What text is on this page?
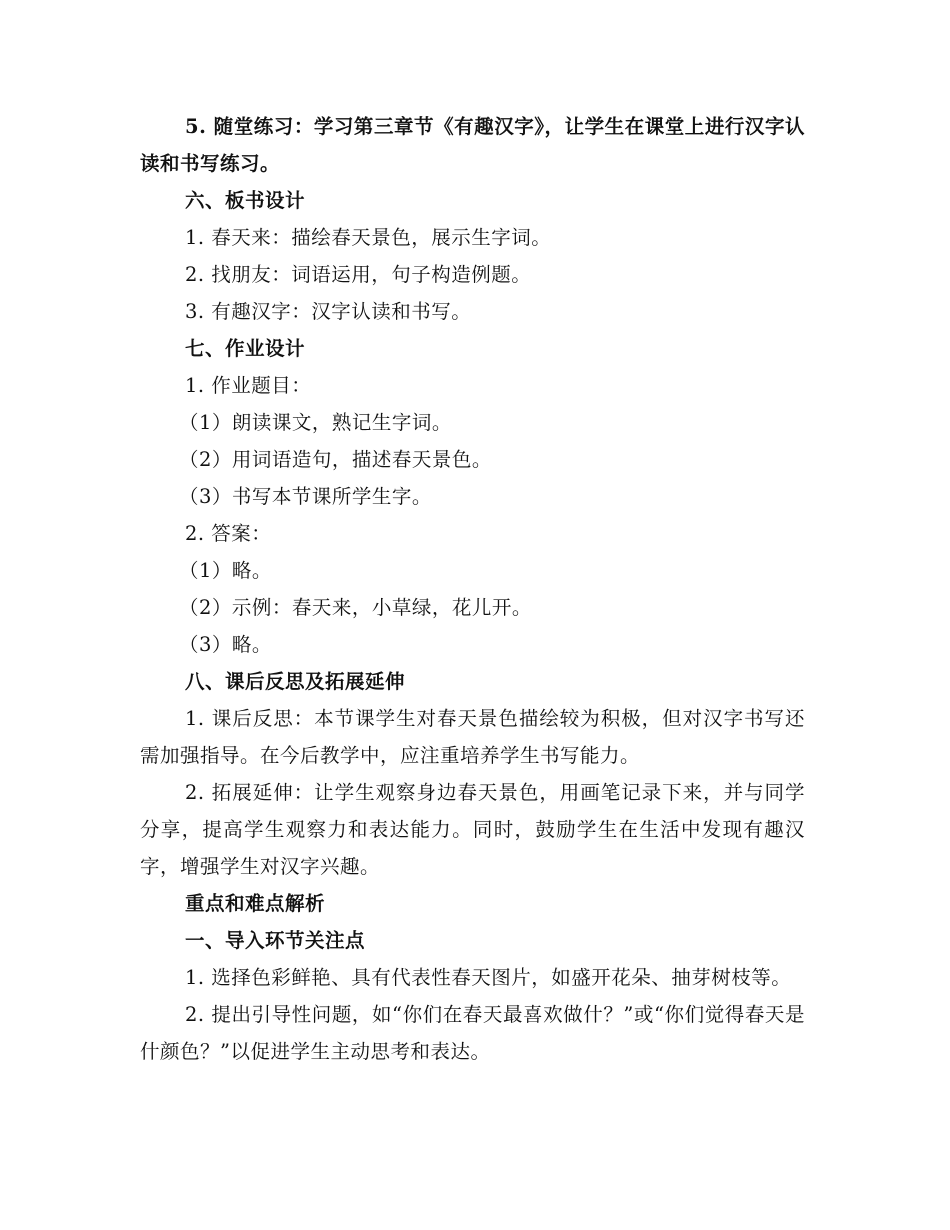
5. 随堂练习：学习第三章节《有趣汉字》，让学生在课堂上进行汉字认读和书写练习。
六、板书设计
1. 春天来：描绘春天景色，展示生字词。
2. 找朋友：词语运用，句子构造例题。
3. 有趣汉字：汉字认读和书写。
七、作业设计
1. 作业题目：
（1）朗读课文，熟记生字词。
（2）用词语造句，描述春天景色。
（3）书写本节课所学生字。
2. 答案：
（1）略。
（2）示例：春天来，小草绿，花儿开。
（3）略。
八、课后反思及拓展延伸
1. 课后反思：本节课学生对春天景色描绘较为积极，但对汉字书写还需加强指导。在今后教学中，应注重培养学生书写能力。
2. 拓展延伸：让学生观察身边春天景色，用画笔记录下来，并与同学分享，提高学生观察力和表达能力。同时，鼓励学生在生活中发现有趣汉字，增强学生对汉字兴趣。
重点和难点解析
一、导入环节关注点
1. 选择色彩鲜艳、具有代表性春天图片，如盛开花朵、抽芽树枝等。
2. 提出引导性问题，如“你们在春天最喜欢做什？”或“你们觉得春天是什颜色？”以促进学生主动思考和表达。
